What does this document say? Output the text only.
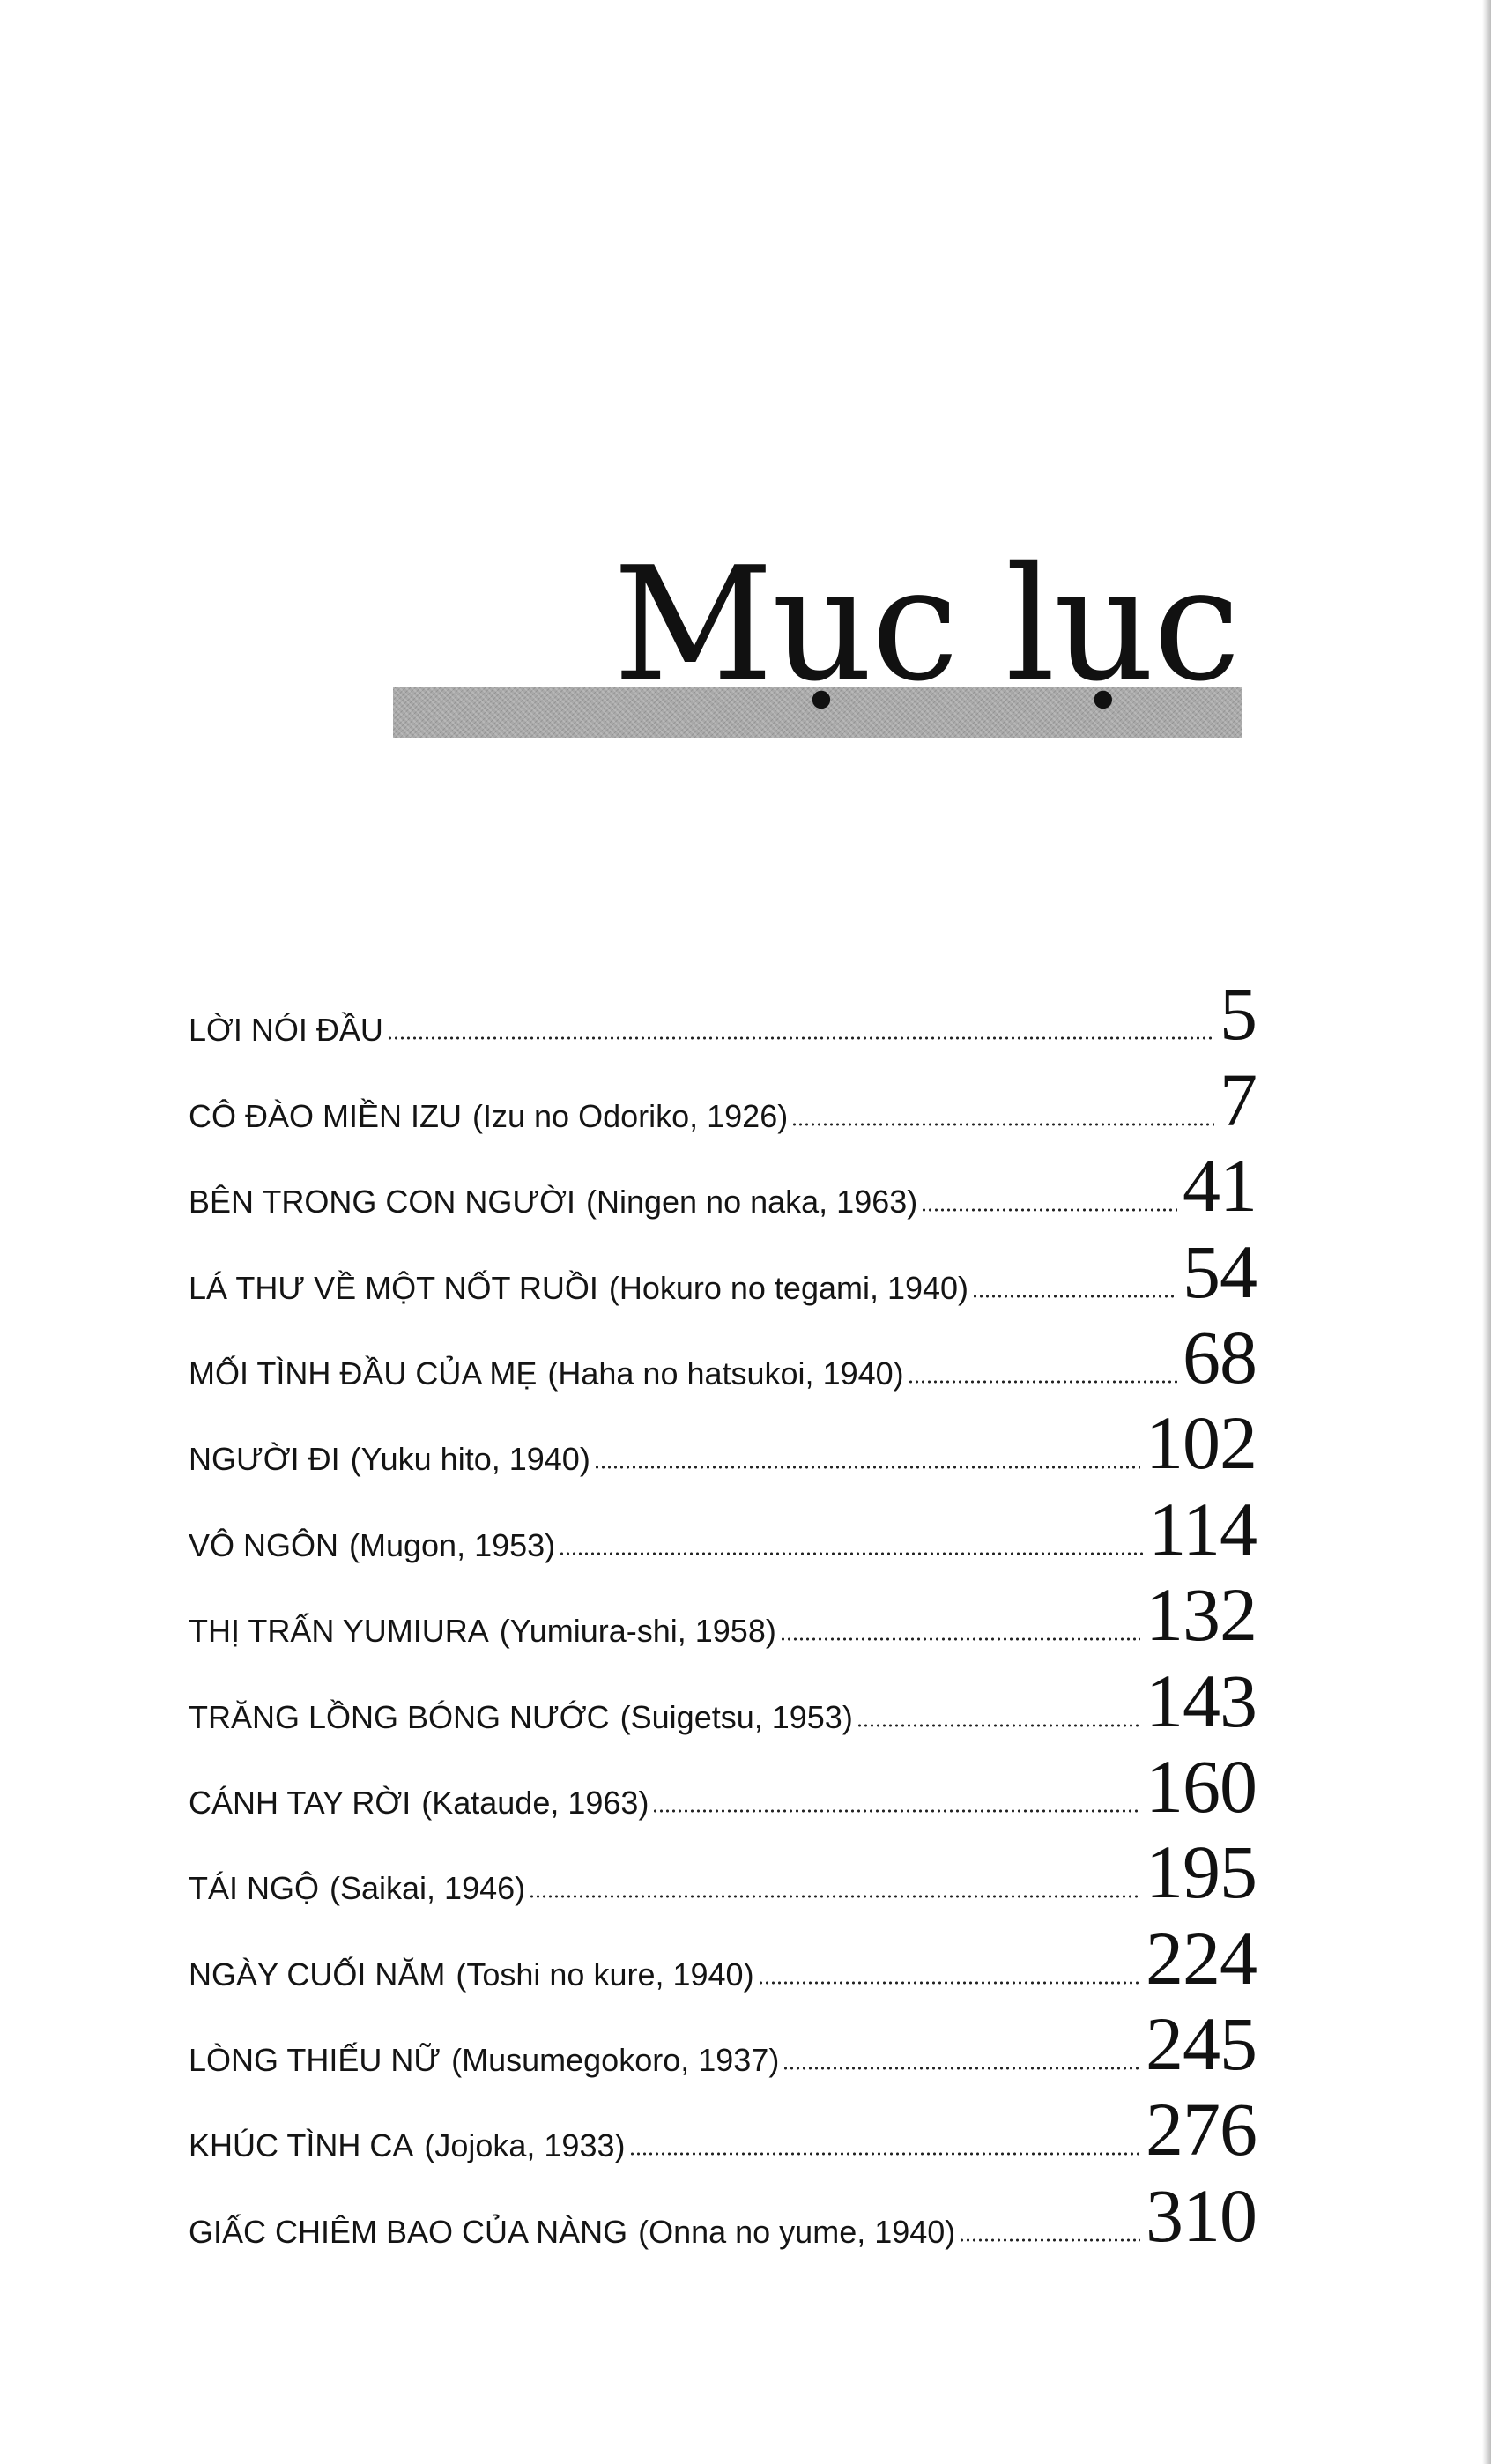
Mục lục
LỜI NÓI ĐẦU	5
CÔ ĐÀO MIỀN IZU (Izu no Odoriko, 1926)	7
BÊN TRONG CON NGƯỜI (Ningen no naka, 1963)	41
LÁ THƯ VỀ MỘT NỐT RUỒI (Hokuro no tegami, 1940)	54
MỐI TÌNH ĐẦU CỦA MẸ (Haha no hatsukoi, 1940)	68
NGƯỜI ĐI (Yuku hito, 1940)	102
VÔ NGÔN (Mugon, 1953)	114
THỊ TRẤN YUMIURA (Yumiura-shi, 1958)	132
TRĂNG LỒNG BÓNG NƯỚC (Suigetsu, 1953)	143
CÁNH TAY RỜI (Kataude, 1963)	160
TÁI NGỘ (Saikai, 1946)	195
NGÀY CUỐI NĂM (Toshi no kure, 1940)	224
LÒNG THIẾU NỮ (Musumegokoro, 1937)	245
KHÚC TÌNH CA (Jojoka, 1933)	276
GIẤC CHIÊM BAO CỦA NÀNG (Onna no yume, 1940)	310
